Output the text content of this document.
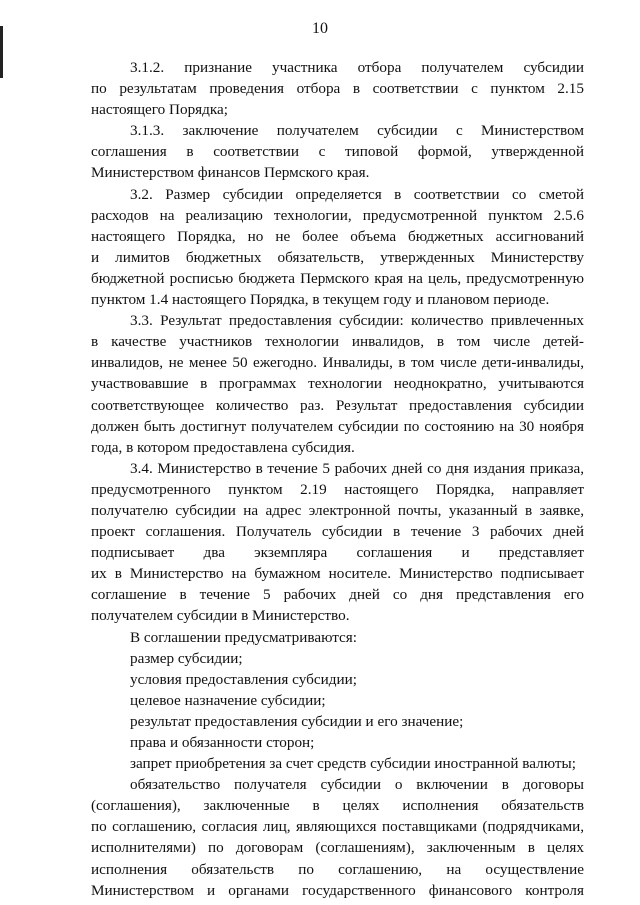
10

3.1.2. признание участника отбора получателем субсидии

по результатам проведения отбора в соответствии с пунктом 2.15

настоящего Порядка;

3.1.3. заключение получателем субсидии с Министерством

соглашения в соответствии с типовой формой, утвержденной

Министерством финансов Пермского края.

3.2. Размер субсидии определяется в соответствии со сметой

расходов на реализацию технологии, предусмотренной пунктом 2.5.6

настоящего Порядка, но не более объема бюджетных ассигнований

и лимитов бюджетных обязательств, утвержденных Министерству

бюджетной росписью бюджета Пермского края на цель, предусмотренную

пунктом 1.4 настоящего Порядка, в текущем году и плановом периоде.

3.3. Результат предоставления субсидии: количество привлеченных

в качестве участников технологии инвалидов, в том числе детей-

инвалидов, не менее 50 ежегодно. Инвалиды, в том числе дети-инвалиды,

участвовавшие в программах технологии неоднократно, учитываются

соответствующее количество раз. Результат предоставления субсидии

должен быть достигнут получателем субсидии по состоянию на 30 ноября

года, в котором предоставлена субсидия.

3.4. Министерство в течение 5 рабочих дней со дня издания приказа,

предусмотренного пунктом 2.19 настоящего Порядка, направляет

получателю субсидии на адрес электронной почты, указанный в заявке,

проект соглашения. Получатель субсидии в течение 3 рабочих дней

подписывает два экземпляра соглашения и представляет

их в Министерство на бумажном носителе. Министерство подписывает

соглашение в течение 5 рабочих дней со дня представления его

получателем субсидии в Министерство.

В соглашении предусматриваются:

размер субсидии;

условия предоставления субсидии;

целевое назначение субсидии;

результат предоставления субсидии и его значение;

права и обязанности сторон;

запрет приобретения за счет средств субсидии иностранной валюты;

обязательство получателя субсидии о включении в договоры

(соглашения), заключенные в целях исполнения обязательств

по соглашению, согласия лиц, являющихся поставщиками (подрядчиками,

исполнителями) по договорам (соглашениям), заключенным в целях

исполнения обязательств по соглашению, на осуществление

Министерством и органами государственного финансового контроля
